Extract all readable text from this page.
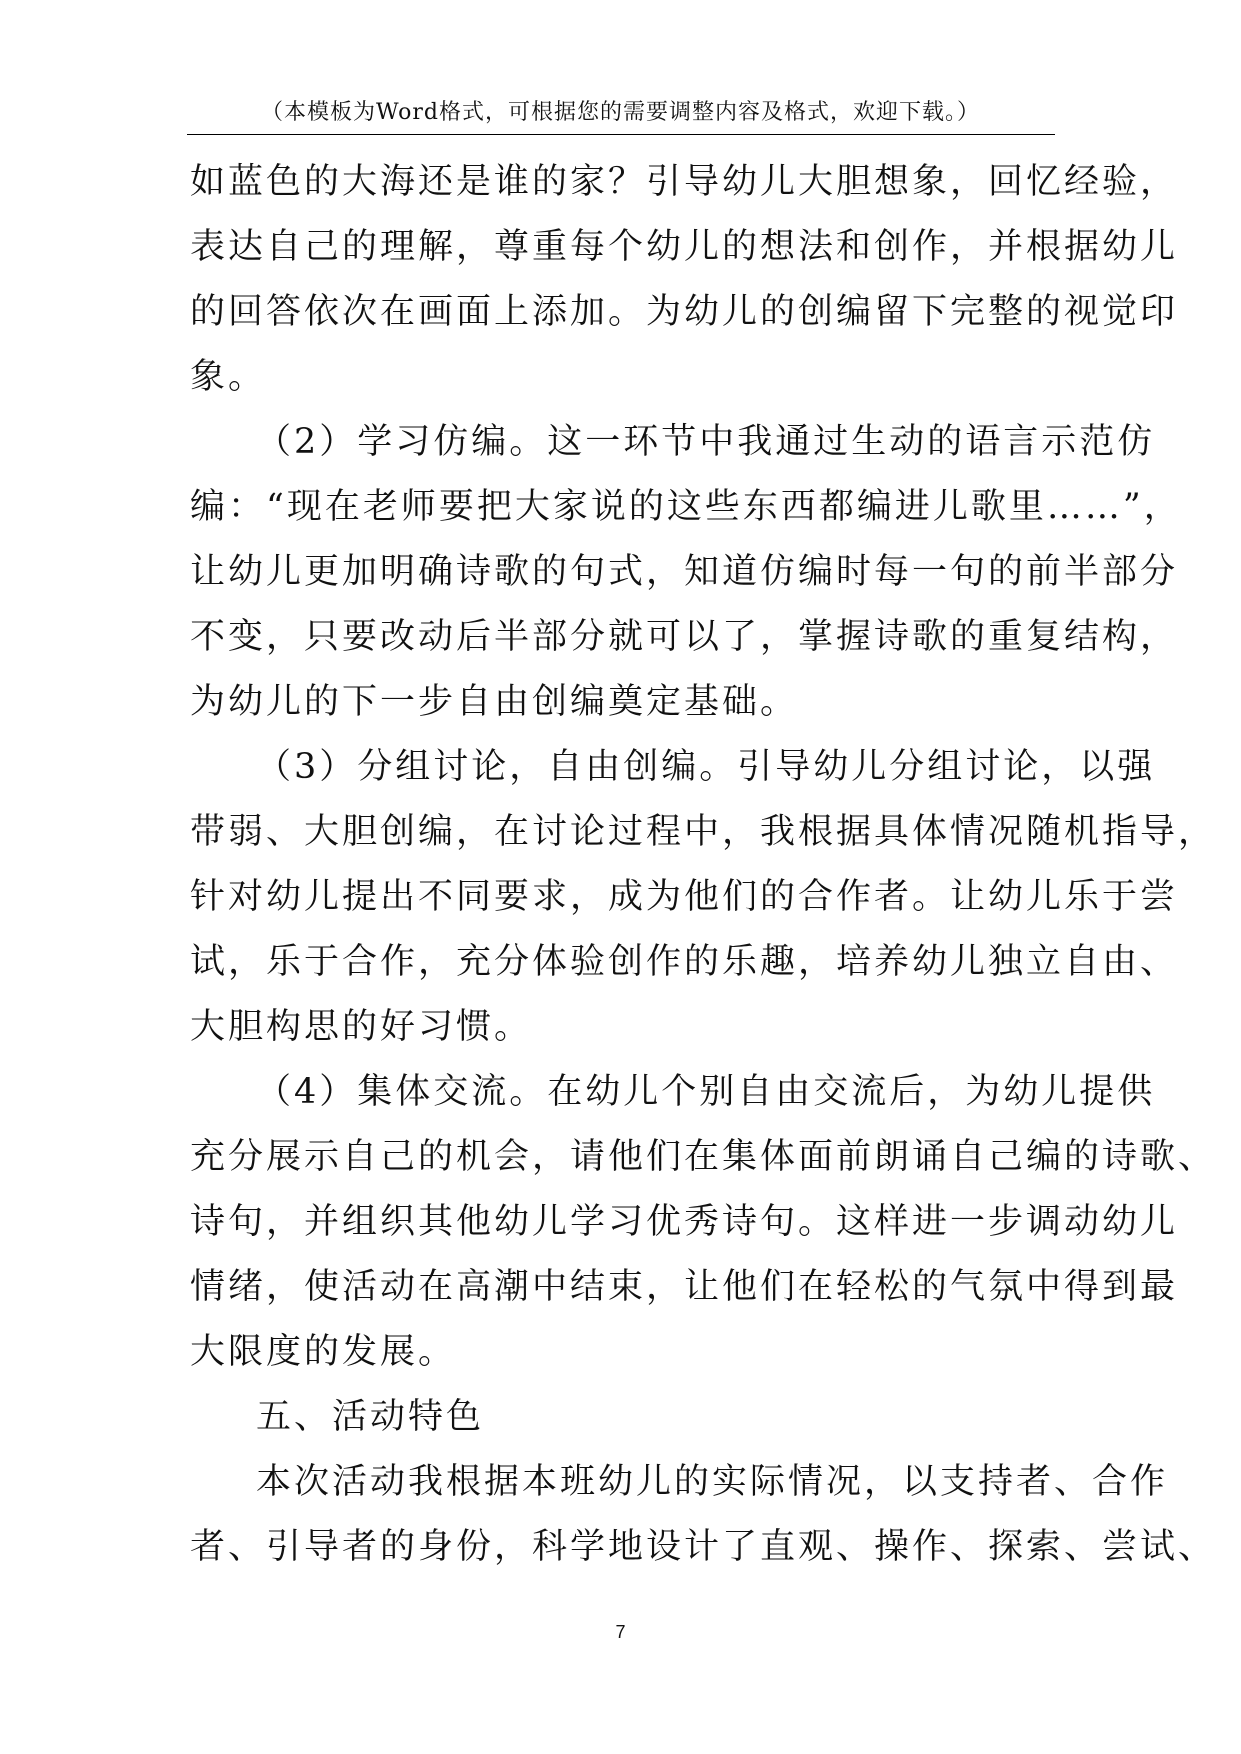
（本模板为Word格式，可根据您的需要调整内容及格式，欢迎下载。）
如蓝色的大海还是谁的家？引导幼儿大胆想象，回忆经验，
表达自己的理解，尊重每个幼儿的想法和创作，并根据幼儿
的回答依次在画面上添加。为幼儿的创编留下完整的视觉印
象。
（2）学习仿编。这一环节中我通过生动的语言示范仿
编：“现在老师要把大家说的这些东西都编进儿歌里……”，
让幼儿更加明确诗歌的句式，知道仿编时每一句的前半部分
不变，只要改动后半部分就可以了，掌握诗歌的重复结构，
为幼儿的下一步自由创编奠定基础。
（3）分组讨论，自由创编。引导幼儿分组讨论，以强
带弱、大胆创编，在讨论过程中，我根据具体情况随机指导，
针对幼儿提出不同要求，成为他们的合作者。让幼儿乐于尝
试，乐于合作，充分体验创作的乐趣，培养幼儿独立自由、
大胆构思的好习惯。
（4）集体交流。在幼儿个别自由交流后，为幼儿提供
充分展示自己的机会，请他们在集体面前朗诵自己编的诗歌、
诗句，并组织其他幼儿学习优秀诗句。这样进一步调动幼儿
情绪，使活动在高潮中结束，让他们在轻松的气氛中得到最
大限度的发展。
五、活动特色
本次活动我根据本班幼儿的实际情况，以支持者、合作
者、引导者的身份，科学地设计了直观、操作、探索、尝试、
7
